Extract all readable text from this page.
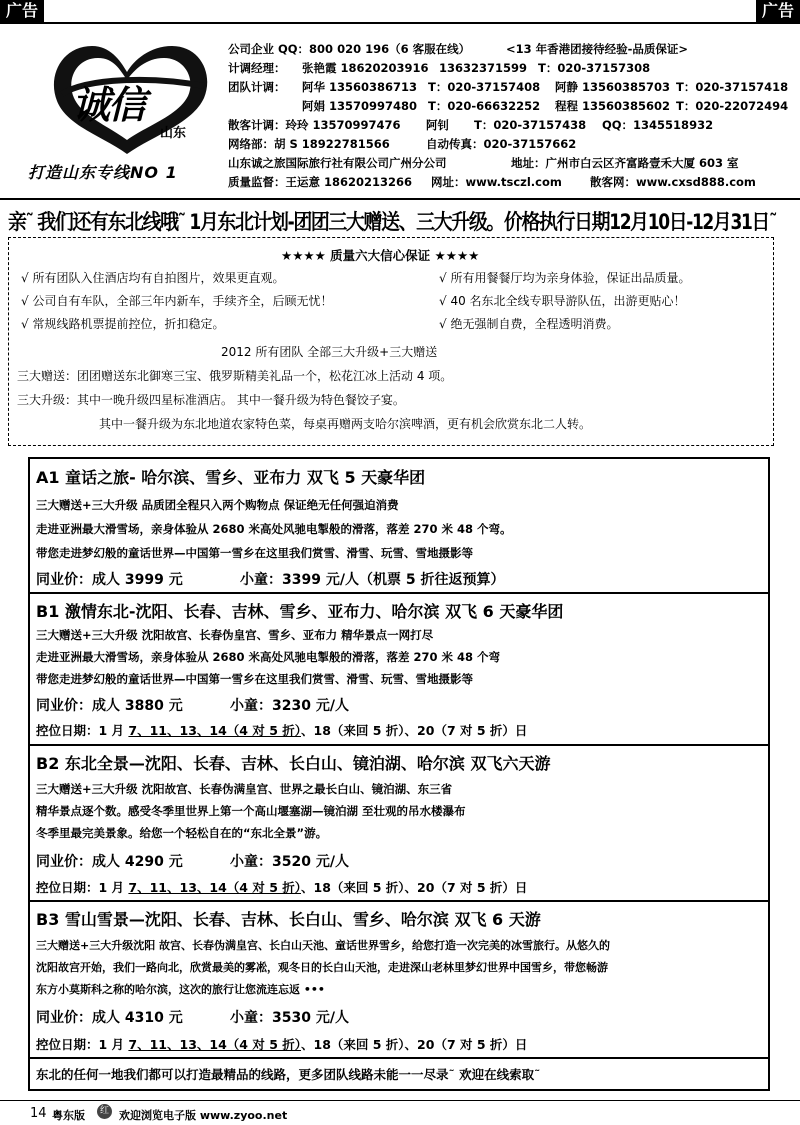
广告	广告
诚信
山东
打造山东专线NO 1
公司企业 QQ：800 020 196（6 客服在线）	<13 年香港团接待经验-品质保证>
计调经理： 张艳霞 18620203916 13632371599 T：020-37157308
团队计调： 阿华 13560386713 T：020-37157408 阿静 13560385703 T：020-37157418
阿娟 13570997480 T：020-66632252 程程 13560385602 T：020-22072494
散客计调：玲玲 13570997476 阿钊 T：020-37157438 QQ：1345518932
网络部：胡 S 18922781566	自动传真：020-37157662
山东诚之旅国际旅行社有限公司广州分公司	地址：广州市白云区齐富路壹禾大厦 603 室
质量监督：王运意 18620213266 网址：www.tsczl.com 散客网：www.cxsd888.com
亲˜ 我们还有东北线哦˜ 1月东北计划-团团三大赠送、三大升级。价格执行日期12月10日-12月31日˜
★★★★ 质量六大信心保证 ★★★★
√ 所有团队入住酒店均有自拍图片，效果更直观。
√ 公司自有车队，全部三年内新车，手续齐全，后顾无忧！
√ 常规线路机票提前控位，折扣稳定。
√ 所有用餐餐厅均为亲身体验，保证出品质量。
√ 40 名东北全线专职导游队伍，出游更贴心！
√ 绝无强制自费，全程透明消费。
2012 所有团队 全部三大升级+三大赠送
三大赠送：团团赠送东北御寒三宝、俄罗斯精美礼品一个，松花江冰上活动 4 项。
三大升级：其中一晚升级四星标准酒店。 其中一餐升级为特色餐饺子宴。
其中一餐升级为东北地道农家特色菜，每桌再赠两支哈尔滨啤酒，更有机会欣赏东北二人转。
A1 童话之旅- 哈尔滨、雪乡、亚布力 双飞 5 天豪华团
三大赠送+三大升级 品质团全程只入两个购物点 保证绝无任何强迫消费
走进亚洲最大滑雪场，亲身体验从 2680 米高处风驰电掣般的滑落，落差 270 米 48 个弯。
带您走进梦幻般的童话世界—中国第一雪乡在这里我们赏雪、滑雪、玩雪、雪地摄影等
同业价：成人 3999 元	小童：3399 元/人（机票 5 折往返预算）
B1 激情东北-沈阳、长春、吉林、雪乡、亚布力、哈尔滨 双飞 6 天豪华团
三大赠送+三大升级 沈阳故宫、长春伪皇宫、雪乡、亚布力 精华景点一网打尽
走进亚洲最大滑雪场，亲身体验从 2680 米高处风驰电掣般的滑落，落差 270 米 48 个弯
带您走进梦幻般的童话世界—中国第一雪乡在这里我们赏雪、滑雪、玩雪、雪地摄影等
同业价：成人 3880 元	小童：3230 元/人
控位日期：1 月 7、11、13、14（4 对 5 折）、18（来回 5 折）、20（7 对 5 折）日
B2 东北全景—沈阳、长春、吉林、长白山、镜泊湖、哈尔滨 双飞六天游
三大赠送+三大升级 沈阳故宫、长春伪满皇宫、世界之最长白山、镜泊湖、东三省
精华景点逐个数。感受冬季里世界上第一个高山堰塞湖—镜泊湖 至壮观的吊水楼瀑布
冬季里最完美景象。给您一个轻松自在的“东北全景”游。
同业价：成人 4290 元	小童：3520 元/人
控位日期：1 月 7、11、13、14（4 对 5 折）、18（来回 5 折）、20（7 对 5 折）日
B3 雪山雪景—沈阳、长春、吉林、长白山、雪乡、哈尔滨 双飞 6 天游
三大赠送+三大升级沈阳 故宫、长春伪满皇宫、长白山天池、童话世界雪乡，给您打造一次完美的冰雪旅行。从悠久的
沈阳故宫开始，我们一路向北，欣赏最美的雾凇，观冬日的长白山天池，走进深山老林里梦幻世界中国雪乡，带您畅游
东方小莫斯科之称的哈尔滨，这次的旅行让您流连忘返 •••
同业价：成人 4310 元	小童：3530 元/人
控位日期：1 月 7、11、13、14（4 对 5 折）、18（来回 5 折）、20（7 对 5 折）日
东北的任何一地我们都可以打造最精品的线路，更多团队线路未能一一尽录˜ 欢迎在线索取˜
14 粤东版	红 欢迎浏览电子版 www.zyoo.net
